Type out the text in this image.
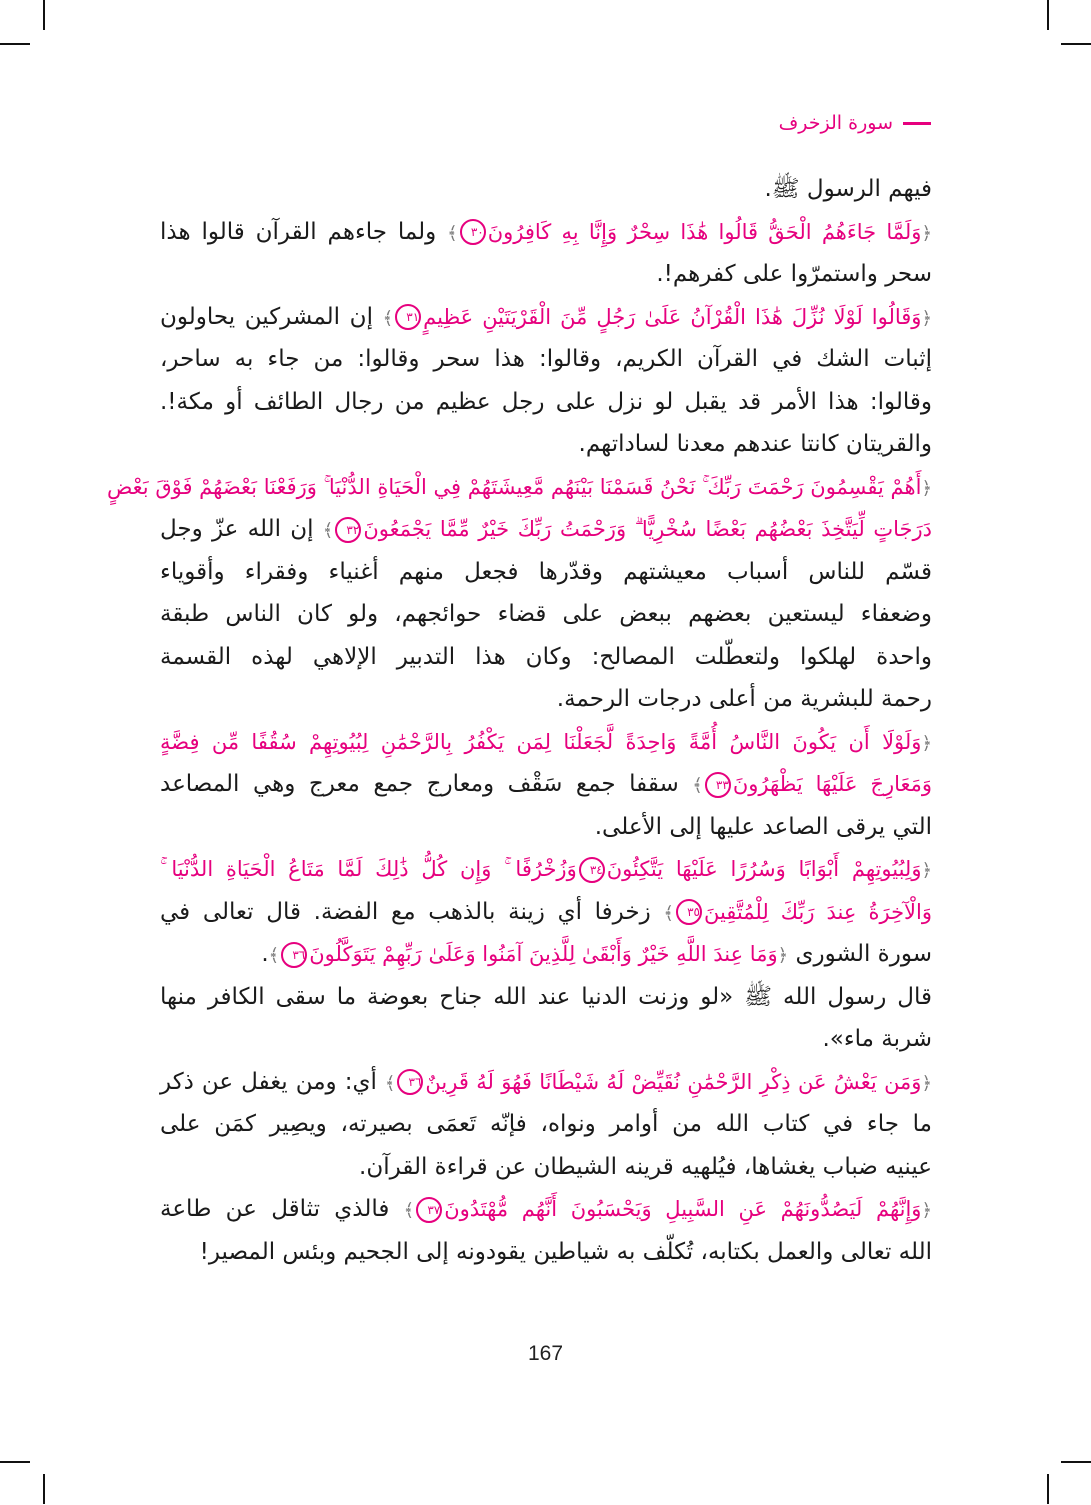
سورة الزخرف
فيهم الرسول ﷺ.
﴿وَلَمَّا جَاءَهُمُ الْحَقُّ قَالُوا هَٰذَا سِحْرٌ وَإِنَّا بِهِ كَافِرُونَ٣٠﴾ ولما جاءهم القرآن قالوا هذا
سحر واستمرّوا على كفرهم!.
﴿وَقَالُوا لَوْلَا نُزِّلَ هَٰذَا الْقُرْآنُ عَلَىٰ رَجُلٍ مِّنَ الْقَرْيَتَيْنِ عَظِيمٍ٣١﴾ إن المشركين يحاولون
إثبات الشك في القرآن الكريم، وقالوا: هذا سحر وقالوا: من جاء به ساحر،
وقالوا: هذا الأمر قد يقبل لو نزل على رجل عظيم من رجال الطائف أو مكة!.
والقريتان كانتا عندهم معدنا لساداتهم.
﴿أَهُمْ يَقْسِمُونَ رَحْمَتَ رَبِّكَ ۚ نَحْنُ قَسَمْنَا بَيْنَهُم مَّعِيشَتَهُمْ فِي الْحَيَاةِ الدُّنْيَا ۚ وَرَفَعْنَا بَعْضَهُمْ فَوْقَ بَعْضٍ
دَرَجَاتٍ لِّيَتَّخِذَ بَعْضُهُم بَعْضًا سُخْرِيًّا ۗ وَرَحْمَتُ رَبِّكَ خَيْرٌ مِّمَّا يَجْمَعُونَ٣٢﴾ إن الله عزّ وجل
قسّم للناس أسباب معيشتهم وقدّرها فجعل منهم أغنياء وفقراء وأقوياء
وضعفاء ليستعين بعضهم ببعض على قضاء حوائجهم، ولو كان الناس طبقة
واحدة لهلكوا ولتعطّلت المصالح: وكان هذا التدبير الإلاهي لهذه القسمة
رحمة للبشرية من أعلى درجات الرحمة.
﴿وَلَوْلَا أَن يَكُونَ النَّاسُ أُمَّةً وَاحِدَةً لَّجَعَلْنَا لِمَن يَكْفُرُ بِالرَّحْمَٰنِ لِبُيُوتِهِمْ سُقُفًا مِّن فِضَّةٍ
وَمَعَارِجَ عَلَيْهَا يَظْهَرُونَ٣٣﴾ سقفا جمع سَقْف ومعارج جمع معرج وهي المصاعد
التي يرقى الصاعد عليها إلى الأعلى.
﴿وَلِبُيُوتِهِمْ أَبْوَابًا وَسُرُرًا عَلَيْهَا يَتَّكِئُونَ٣٤وَزُخْرُفًا ۚ وَإِن كُلُّ ذَٰلِكَ لَمَّا مَتَاعُ الْحَيَاةِ الدُّنْيَا ۚ
وَالْآخِرَةُ عِندَ رَبِّكَ لِلْمُتَّقِينَ٣٥﴾ زخرفا أي زينة بالذهب مع الفضة. قال تعالى في
سورة الشورى ﴿وَمَا عِندَ اللَّهِ خَيْرٌ وَأَبْقَىٰ لِلَّذِينَ آمَنُوا وَعَلَىٰ رَبِّهِمْ يَتَوَكَّلُونَ٣٦﴾.
قال رسول الله ﷺ «لو وزنت الدنيا عند الله جناح بعوضة ما سقى الكافر منها
شربة ماء».
﴿وَمَن يَعْشُ عَن ذِكْرِ الرَّحْمَٰنِ نُقَيِّضْ لَهُ شَيْطَانًا فَهُوَ لَهُ قَرِينٌ٣٦﴾ أي: ومن يغفل عن ذكر
ما جاء في كتاب الله من أوامر ونواه، فإنّه تَعمَى بصيرته، ويصِير كمَن على
عينيه ضباب يغشاها، فيُلهيه قرينه الشيطان عن قراءة القرآن.
﴿وَإِنَّهُمْ لَيَصُدُّونَهُمْ عَنِ السَّبِيلِ وَيَحْسَبُونَ أَنَّهُم مُّهْتَدُونَ٣٧﴾ فالذي تثاقل عن طاعة
الله تعالى والعمل بكتابه، تُكلّف به شياطين يقودونه إلى الجحيم وبئس المصير!
167
